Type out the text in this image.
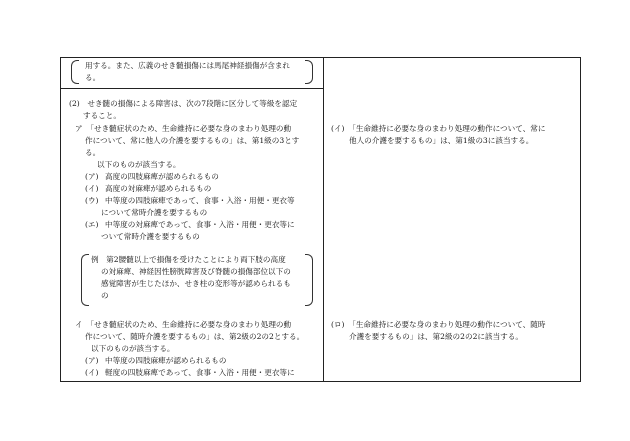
用する。また、広義のせき髄損傷には馬尾神経損傷が含まれ
る。
(2)　せき髄の損傷による障害は、次の7段階に区分して等級を認定
すること。
ア　「せき髄症状のため、生命維持に必要な身のまわり処理の動
作について、常に他人の介護を要するもの」は、第1級の3とす
る。
以下のものが該当する。
(ア) 高度の四肢麻痺が認められるもの
(イ) 高度の対麻痺が認められるもの
(ウ) 中等度の四肢麻痺であって、食事・入浴・用便・更衣等
について常時介護を要するもの
(エ) 中等度の対麻痺であって、食事・入浴・用便・更衣等に
ついて常時介護を要するもの
例　第2腰髄以上で損傷を受けたことにより両下肢の高度
の対麻痺、神経因性膀胱障害及び脊髄の損傷部位以下の
感覚障害が生じたほか、せき柱の変形等が認められるも
の
イ　「せき髄症状のため、生命維持に必要な身のまわり処理の動
作について、随時介護を要するもの」は、第2級の2の2とする。
以下のものが該当する。
(ア) 中等度の四肢麻痺が認められるもの
(イ) 軽度の四肢麻痺であって、食事・入浴・用便・更衣等に
(イ)　「生命維持に必要な身のまわり処理の動作について、常に
他人の介護を要するもの」は、第1級の3に該当する。
(ロ)　「生命維持に必要な身のまわり処理の動作について、随時
介護を要するもの」は、第2級の2の2に該当する。
